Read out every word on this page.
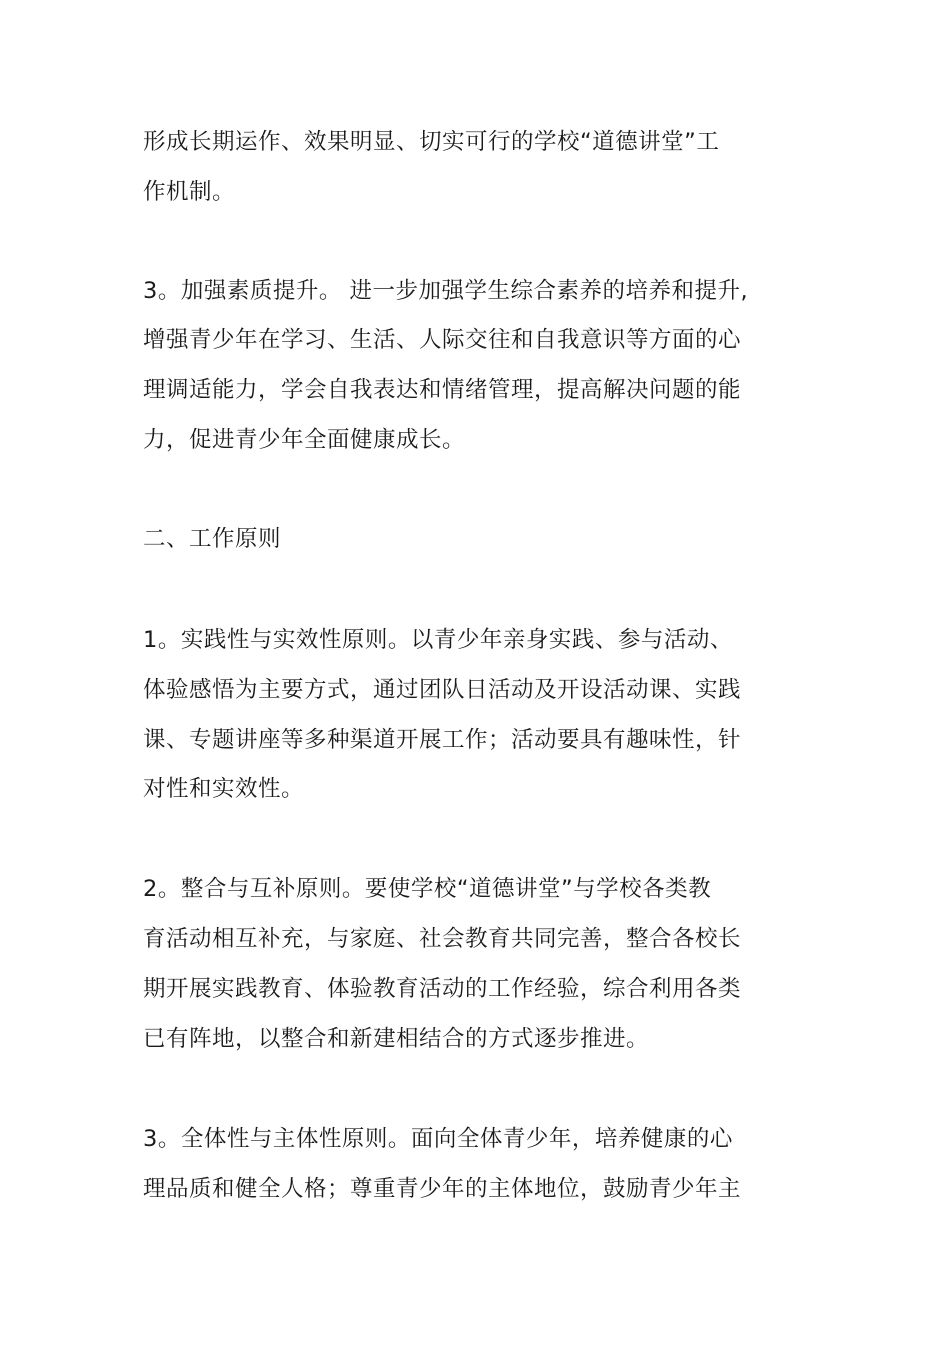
形成长期运作、效果明显、切实可行的学校“道德讲堂”工
作机制。
3。加强素质提升。 进一步加强学生综合素养的培养和提升,
增强青少年在学习、生活、人际交往和自我意识等方面的心
理调适能力，学会自我表达和情绪管理，提高解决问题的能
力，促进青少年全面健康成长。
二、工作原则
1。实践性与实效性原则。以青少年亲身实践、参与活动、
体验感悟为主要方式，通过团队日活动及开设活动课、实践
课、专题讲座等多种渠道开展工作；活动要具有趣味性，针
对性和实效性。
2。整合与互补原则。要使学校“道德讲堂”与学校各类教
育活动相互补充，与家庭、社会教育共同完善，整合各校长
期开展实践教育、体验教育活动的工作经验，综合利用各类
已有阵地，以整合和新建相结合的方式逐步推进。
3。全体性与主体性原则。面向全体青少年，培养健康的心
理品质和健全人格；尊重青少年的主体地位，鼓励青少年主
